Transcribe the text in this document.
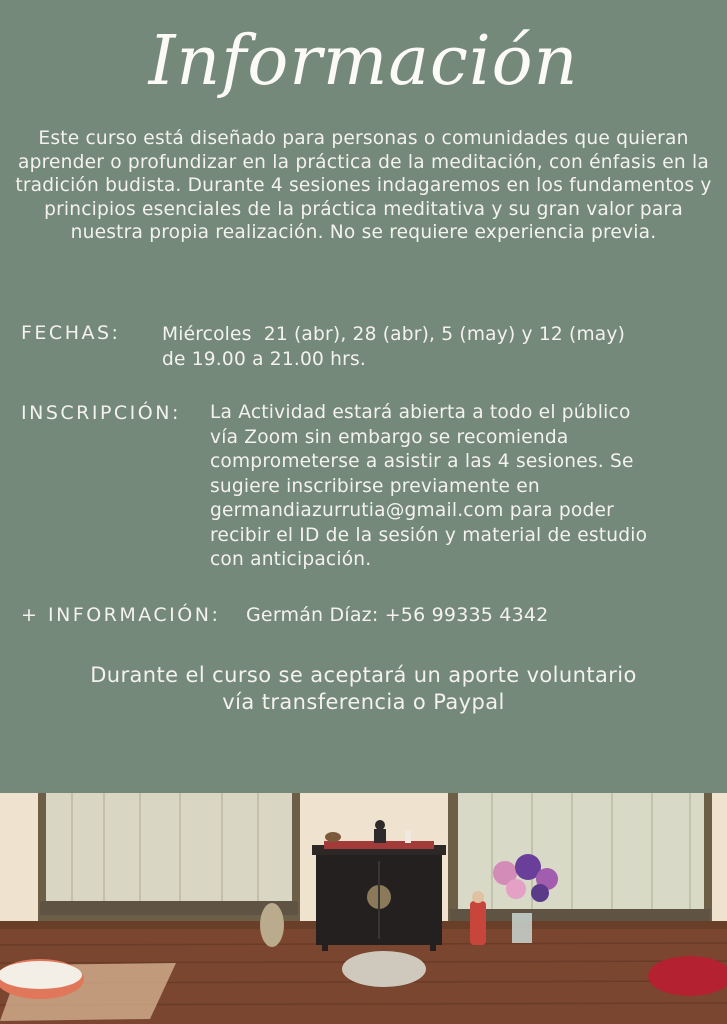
Información
Este curso está diseñado para personas o comunidades que quieran aprender o profundizar en la práctica de la meditación, con énfasis en la tradición budista. Durante 4 sesiones indagaremos en los fundamentos y principios esenciales de la práctica meditativa y su gran valor para nuestra propia realización. No se requiere experiencia previa.
FECHAS: Miércoles  21 (abr), 28 (abr), 5 (may) y 12 (may)
de 19.00 a 21.00 hrs.
INSCRIPCIÓN: La Actividad estará abierta a todo el público
vía Zoom sin embargo se recomienda
comprometerse a asistir a las 4 sesiones. Se
sugiere inscribirse previamente en
germandiazurrutia@gmail.com para poder
recibir el ID de la sesión y material de estudio
con anticipación.
+ INFORMACIÓN: Germán Díaz: +56 99335 4342
Durante el curso se aceptará un aporte voluntario
vía transferencia o Paypal
